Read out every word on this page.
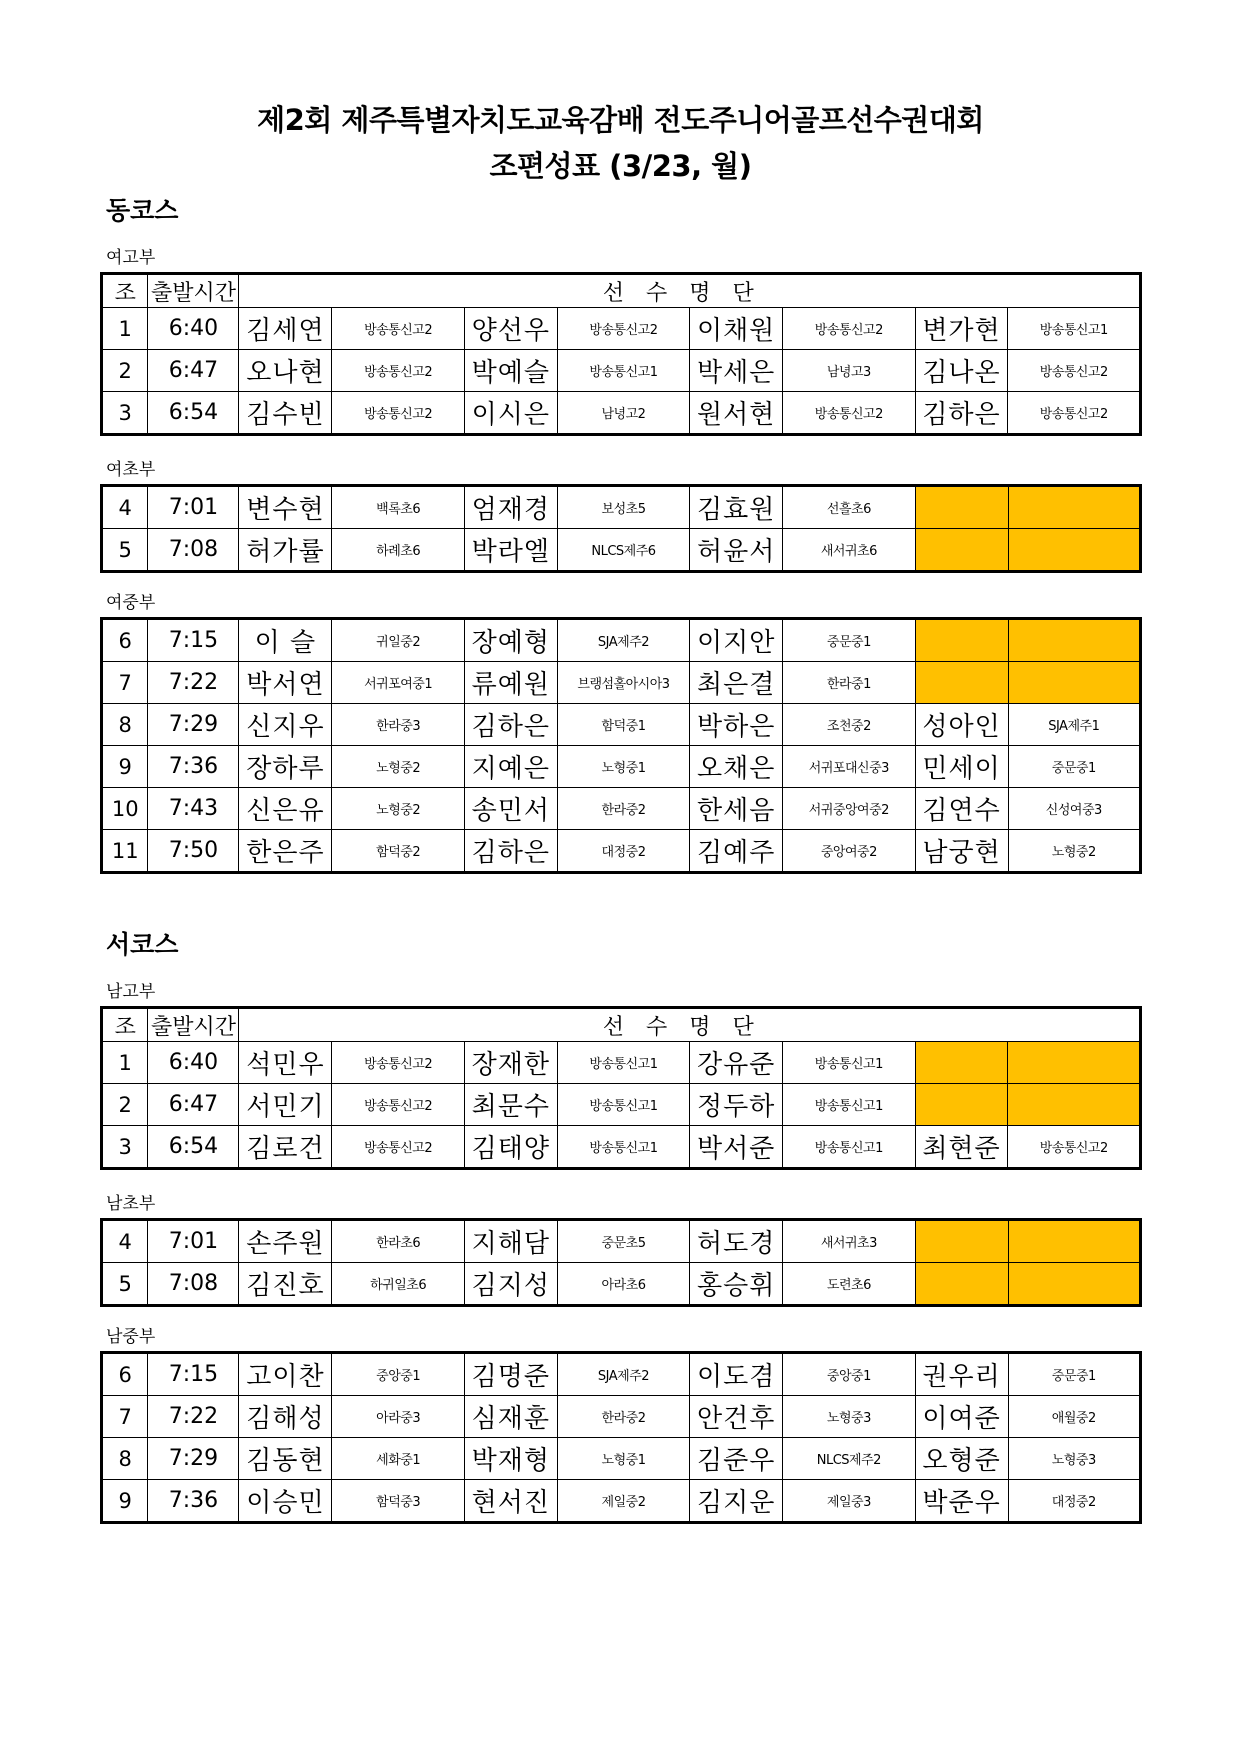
제2회 제주특별자치도교육감배 전도주니어골프선수권대회
조편성표 (3/23, 월)
동코스
서코스
여고부
조	출발시간	선수명단							
1	6:40	김세연	방송통신고2	양선우	방송통신고2	이채원	방송통신고2	변가현	방송통신고1
2	6:47	오나현	방송통신고2	박예슬	방송통신고1	박세은	남녕고3	김나온	방송통신고2
3	6:54	김수빈	방송통신고2	이시은	남녕고2	원서현	방송통신고2	김하은	방송통신고2
여초부
4	7:01	변수현	백록초6	엄재경	보성초5	김효원	선흘초6		
5	7:08	허가률	하례초6	박라엘	NLCS제주6	허윤서	새서귀초6		
여중부
6	7:15	이 슬	귀일중2	장예형	SJA제주2	이지안	중문중1		
7	7:22	박서연	서귀포여중1	류예원	브랭섬홀아시아3	최은결	한라중1		
8	7:29	신지우	한라중3	김하은	함덕중1	박하은	조천중2	성아인	SJA제주1
9	7:36	장하루	노형중2	지예은	노형중1	오채은	서귀포대신중3	민세이	중문중1
10	7:43	신은유	노형중2	송민서	한라중2	한세음	서귀중앙여중2	김연수	신성여중3
11	7:50	한은주	함덕중2	김하은	대정중2	김예주	중앙여중2	남궁현	노형중2
남고부
조	출발시간	선수명단							
1	6:40	석민우	방송통신고2	장재한	방송통신고1	강유준	방송통신고1		
2	6:47	서민기	방송통신고2	최문수	방송통신고1	정두하	방송통신고1		
3	6:54	김로건	방송통신고2	김태양	방송통신고1	박서준	방송통신고1	최현준	방송통신고2
남초부
4	7:01	손주원	한라초6	지해담	중문초5	허도경	새서귀초3		
5	7:08	김진호	하귀일초6	김지성	아라초6	홍승휘	도련초6		
남중부
6	7:15	고이찬	중앙중1	김명준	SJA제주2	이도겸	중앙중1	권우리	중문중1
7	7:22	김해성	아라중3	심재훈	한라중2	안건후	노형중3	이여준	애월중2
8	7:29	김동현	세화중1	박재형	노형중1	김준우	NLCS제주2	오형준	노형중3
9	7:36	이승민	함덕중3	현서진	제일중2	김지운	제일중3	박준우	대정중2
